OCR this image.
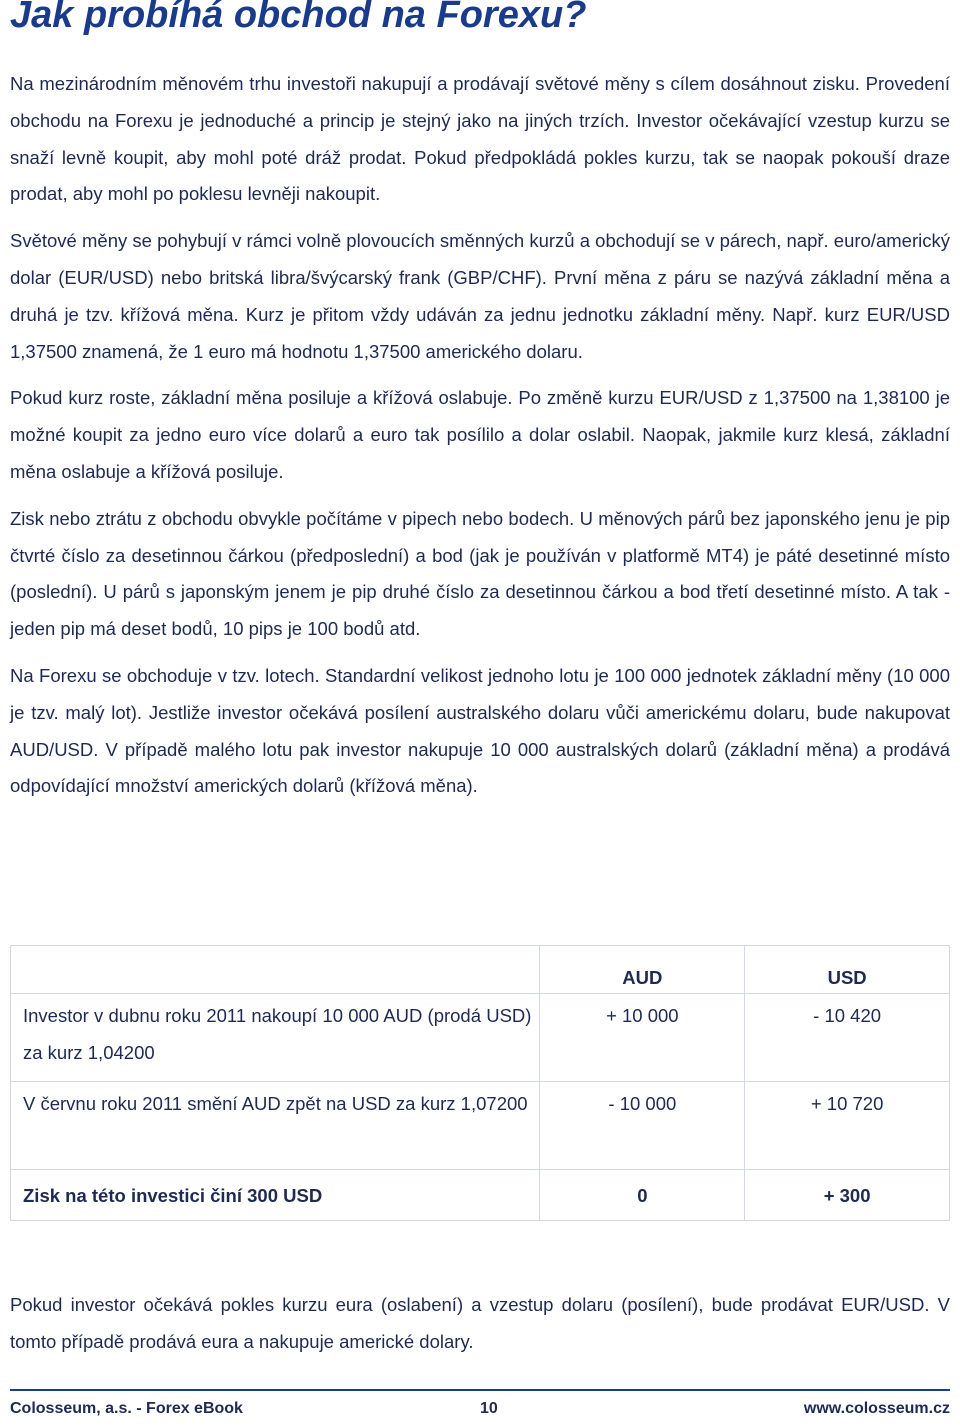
Jak probíhá obchod na Forexu?

Na mezinárodním měnovém trhu investoři nakupují a prodávají světové měny s cílem dosáhnout zisku. Provedení obchodu na Forexu je jednoduché a princip je stejný jako na jiných trzích. Investor očekávající vzestup kurzu se snaží levně koupit, aby mohl poté dráž prodat. Pokud předpokládá pokles kurzu, tak se naopak pokouší draze prodat, aby mohl po poklesu levněji nakoupit.

Světové měny se pohybují v rámci volně plovoucích směnných kurzů a obchodují se v párech, např. euro/americký dolar (EUR/USD) nebo britská libra/švýcarský frank (GBP/CHF). První měna z páru se nazývá základní měna a druhá je tzv. křížová měna. Kurz je přitom vždy udáván za jednu jednotku základní měny. Např. kurz EUR/USD 1,37500 znamená, že 1 euro má hodnotu 1,37500 amerického dolaru.

Pokud kurz roste, základní měna posiluje a křížová oslabuje. Po změně kurzu EUR/USD z 1,37500 na 1,38100 je možné koupit za jedno euro více dolarů a euro tak posílilo a dolar oslabil. Naopak, jakmile kurz klesá, základní měna oslabuje a křížová posiluje.

Zisk nebo ztrátu z obchodu obvykle počítáme v pipech nebo bodech. U měnových párů bez japonského jenu je pip čtvrté číslo za desetinnou čárkou (předposlední) a bod (jak je používán v platformě MT4) je páté desetinné místo (poslední). U párů s japonským jenem je pip druhé číslo za desetinnou čárkou a bod třetí desetinné místo. A tak - jeden pip má deset bodů, 10 pips je 100 bodů atd.

Na Forexu se obchoduje v tzv. lotech. Standardní velikost jednoho lotu je 100 000 jednotek základní měny (10 000 je tzv. malý lot). Jestliže investor očekává posílení australského dolaru vůči americkému dolaru, bude nakupovat AUD/USD. V případě malého lotu pak investor nakupuje 10 000 australských dolarů (základní měna) a prodává odpovídající množství amerických dolarů (křížová měna).

	AUD	USD
Investor v dubnu roku 2011 nakoupí 10 000 AUD (prodá USD) za kurz 1,04200	+ 10 000	- 10 420
V červnu roku 2011 smění AUD zpět na USD za kurz 1,07200	- 10 000	+ 10 720
Zisk na této investici činí 300 USD	0	+ 300

Pokud investor očekává pokles kurzu eura (oslabení) a vzestup dolaru (posílení), bude prodávat EUR/USD. V tomto případě prodává eura a nakupuje americké dolary.

Colosseum, a.s. - Forex eBook	10	www.colosseum.cz
